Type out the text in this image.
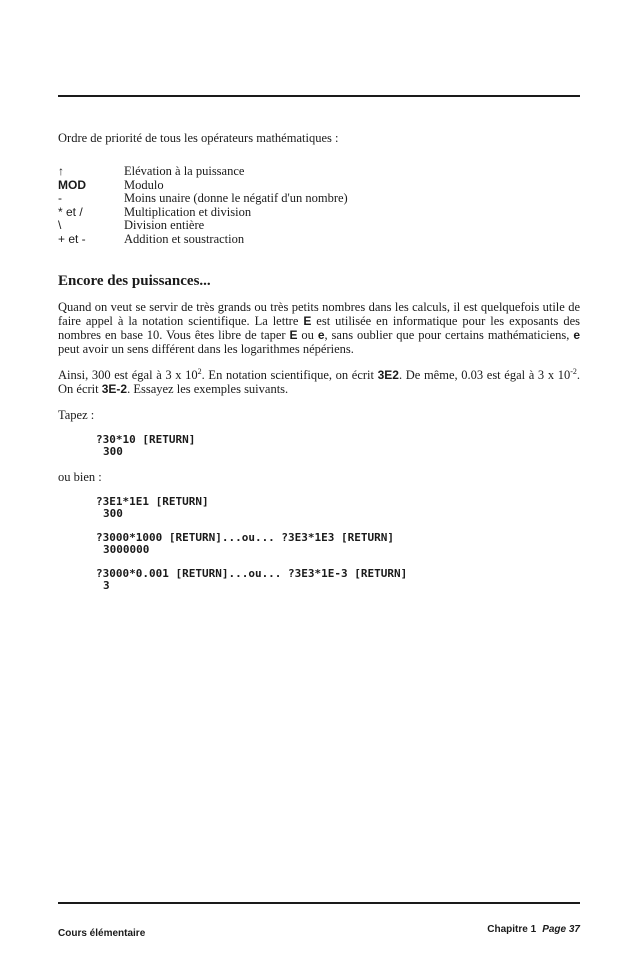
Ordre de priorité de tous les opérateurs mathématiques :
↑	Elévation à la puissance
MOD	Modulo
-	Moins unaire (donne le négatif d'un nombre)
* et /	Multiplication et division
\	Division entière
+ et -	Addition et soustraction
Encore des puissances...

Quand on veut se servir de très grands ou très petits nombres dans les calculs, il est quelquefois utile de faire appel à la notation scientifique. La lettre E est utilisée en informatique pour les exposants des nombres en base 10. Vous êtes libre de taper E ou e, sans oublier que pour certains mathématiciens, e peut avoir un sens différent dans les logarithmes népériens.

Ainsi, 300 est égal à 3 x $10^2$. En notation scientifique, on écrit 3E2. De même, 0.03 est égal à 3 x $10^{-2}$. On écrit 3E-2. Essayez les exemples suivants.

Tapez :

?30*10 [RETURN]
300

ou bien :

?3E1*1E1 [RETURN]
300
?3000*1000 [RETURN]...ou... ?3E3*1E3 [RETURN]
3000000
?3000*0.001 [RETURN]...ou... ?3E3*1E-3 [RETURN]
3
Cours élémentaire	Chapitre 1 Page 37
